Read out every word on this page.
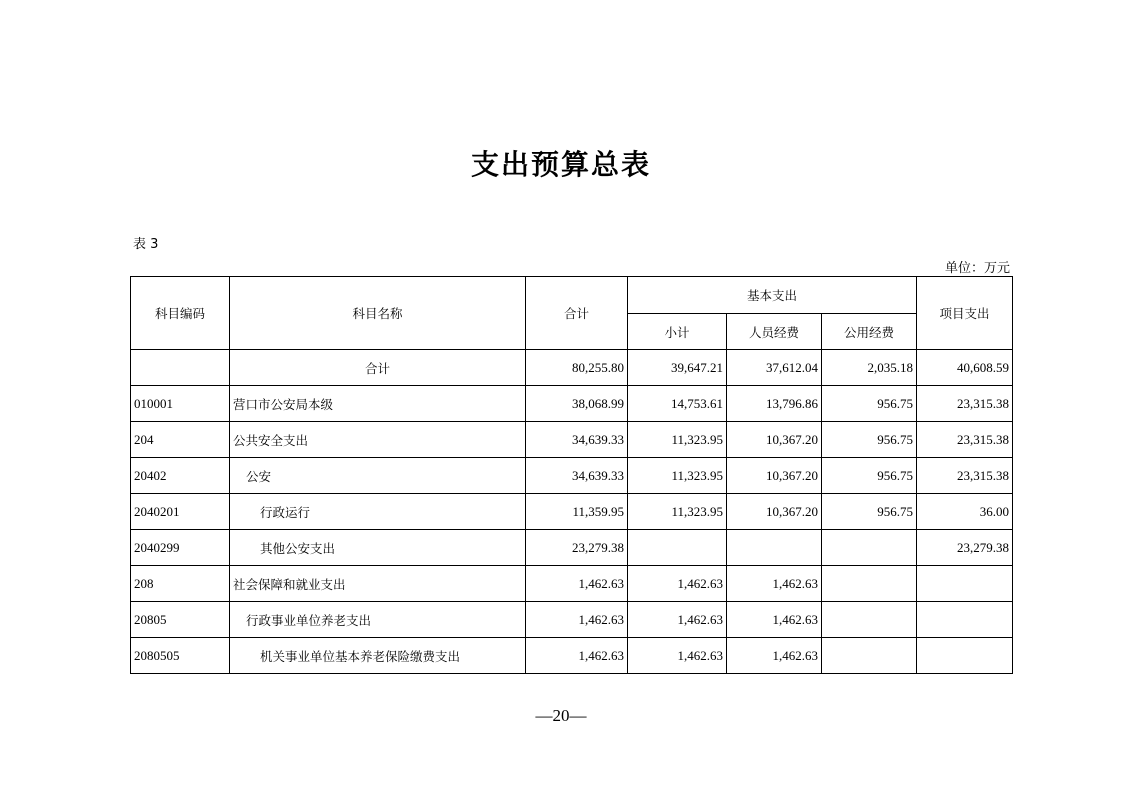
支出预算总表
表 3
单位：万元
科目编码	科目名称	合计	基本支出			项目支出
			小计	人员经费	公用经费	
	合计	80,255.80	39,647.21	37,612.04	2,035.18	40,608.59
010001	营口市公安局本级	38,068.99	14,753.61	13,796.86	956.75	23,315.38
204	公共安全支出	34,639.33	11,323.95	10,367.20	956.75	23,315.38
20402	公安	34,639.33	11,323.95	10,367.20	956.75	23,315.38
2040201	行政运行	11,359.95	11,323.95	10,367.20	956.75	36.00
2040299	其他公安支出	23,279.38				23,279.38
208	社会保障和就业支出	1,462.63	1,462.63	1,462.63		
20805	行政事业单位养老支出	1,462.63	1,462.63	1,462.63		
2080505	机关事业单位基本养老保险缴费支出	1,462.63	1,462.63	1,462.63		
—20—
